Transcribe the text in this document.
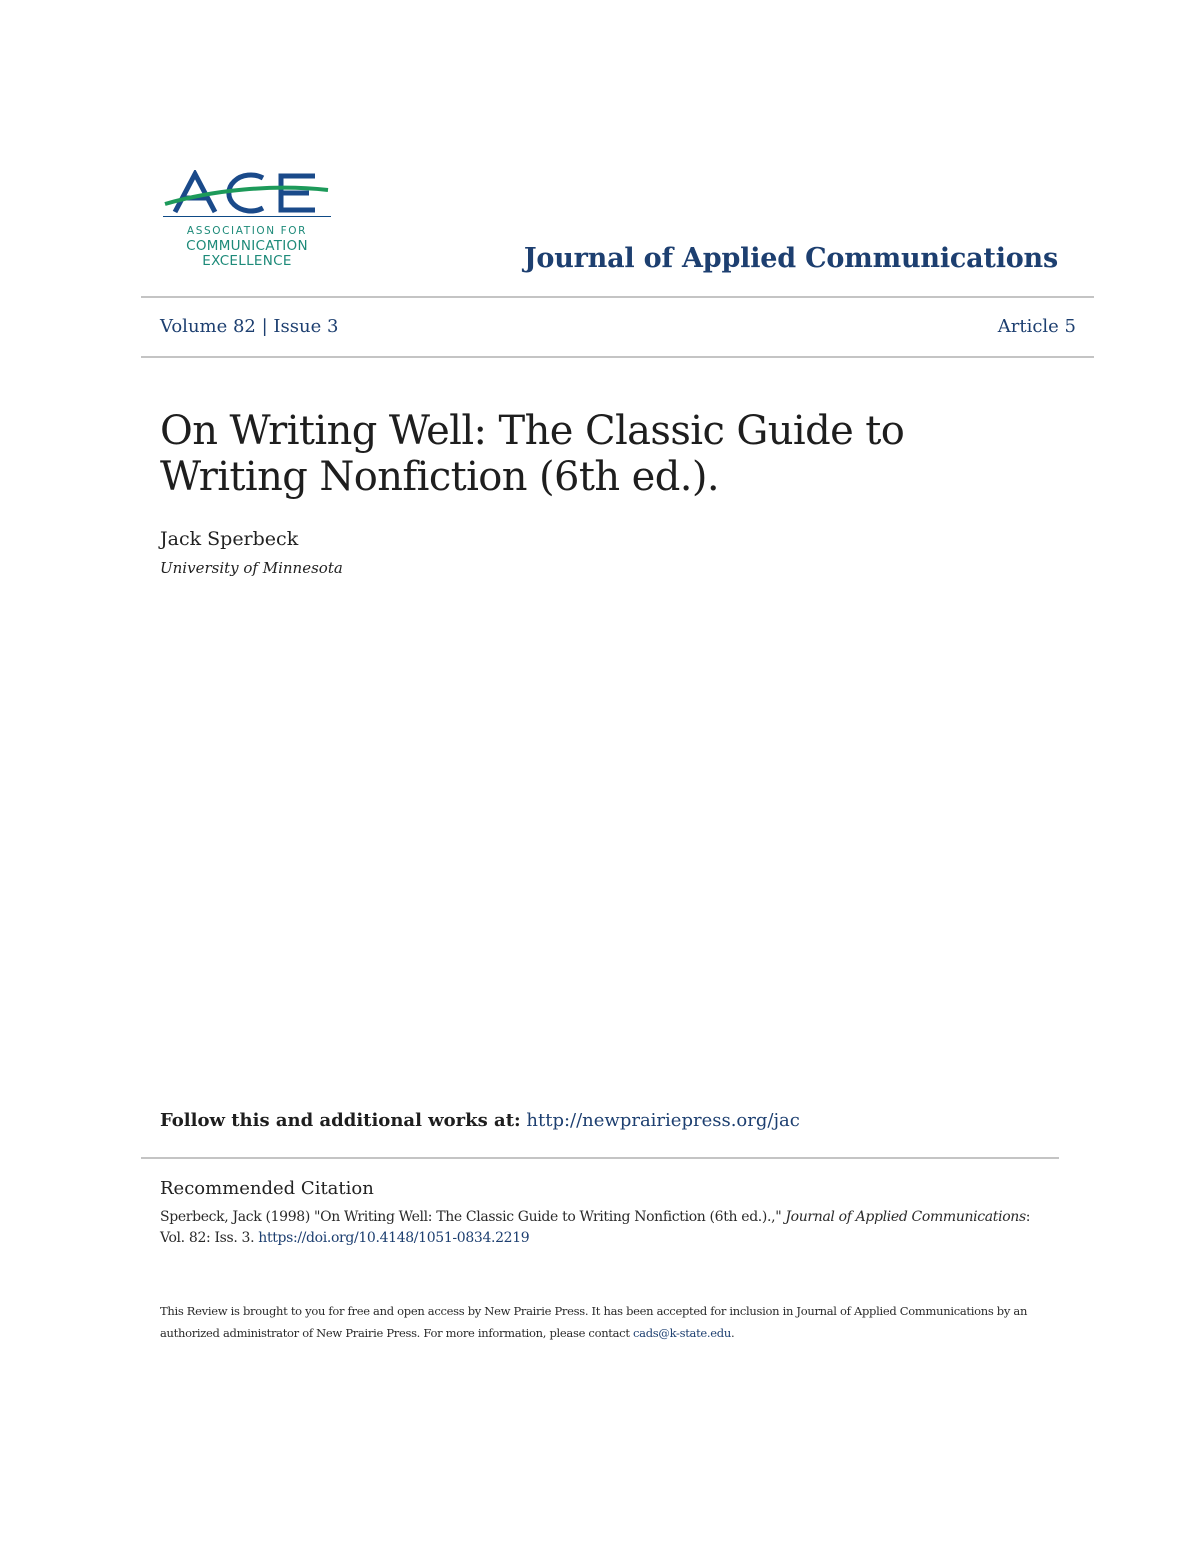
ASSOCIATION FOR
COMMUNICATION
EXCELLENCE	Journal of Applied Communications
Volume 82 | Issue 3	Article 5
On Writing Well: The Classic Guide to Writing Nonfiction (6th ed.).
Jack Sperbeck
University of Minnesota
Follow this and additional works at: http://newprairiepress.org/jac
Recommended Citation
Sperbeck, Jack (1998) "On Writing Well: The Classic Guide to Writing Nonfiction (6th ed.).," Journal of Applied Communications: Vol. 82: Iss. 3. https://doi.org/10.4148/1051-0834.2219
This Review is brought to you for free and open access by New Prairie Press. It has been accepted for inclusion in Journal of Applied Communications by an authorized administrator of New Prairie Press. For more information, please contact cads@k-state.edu.
